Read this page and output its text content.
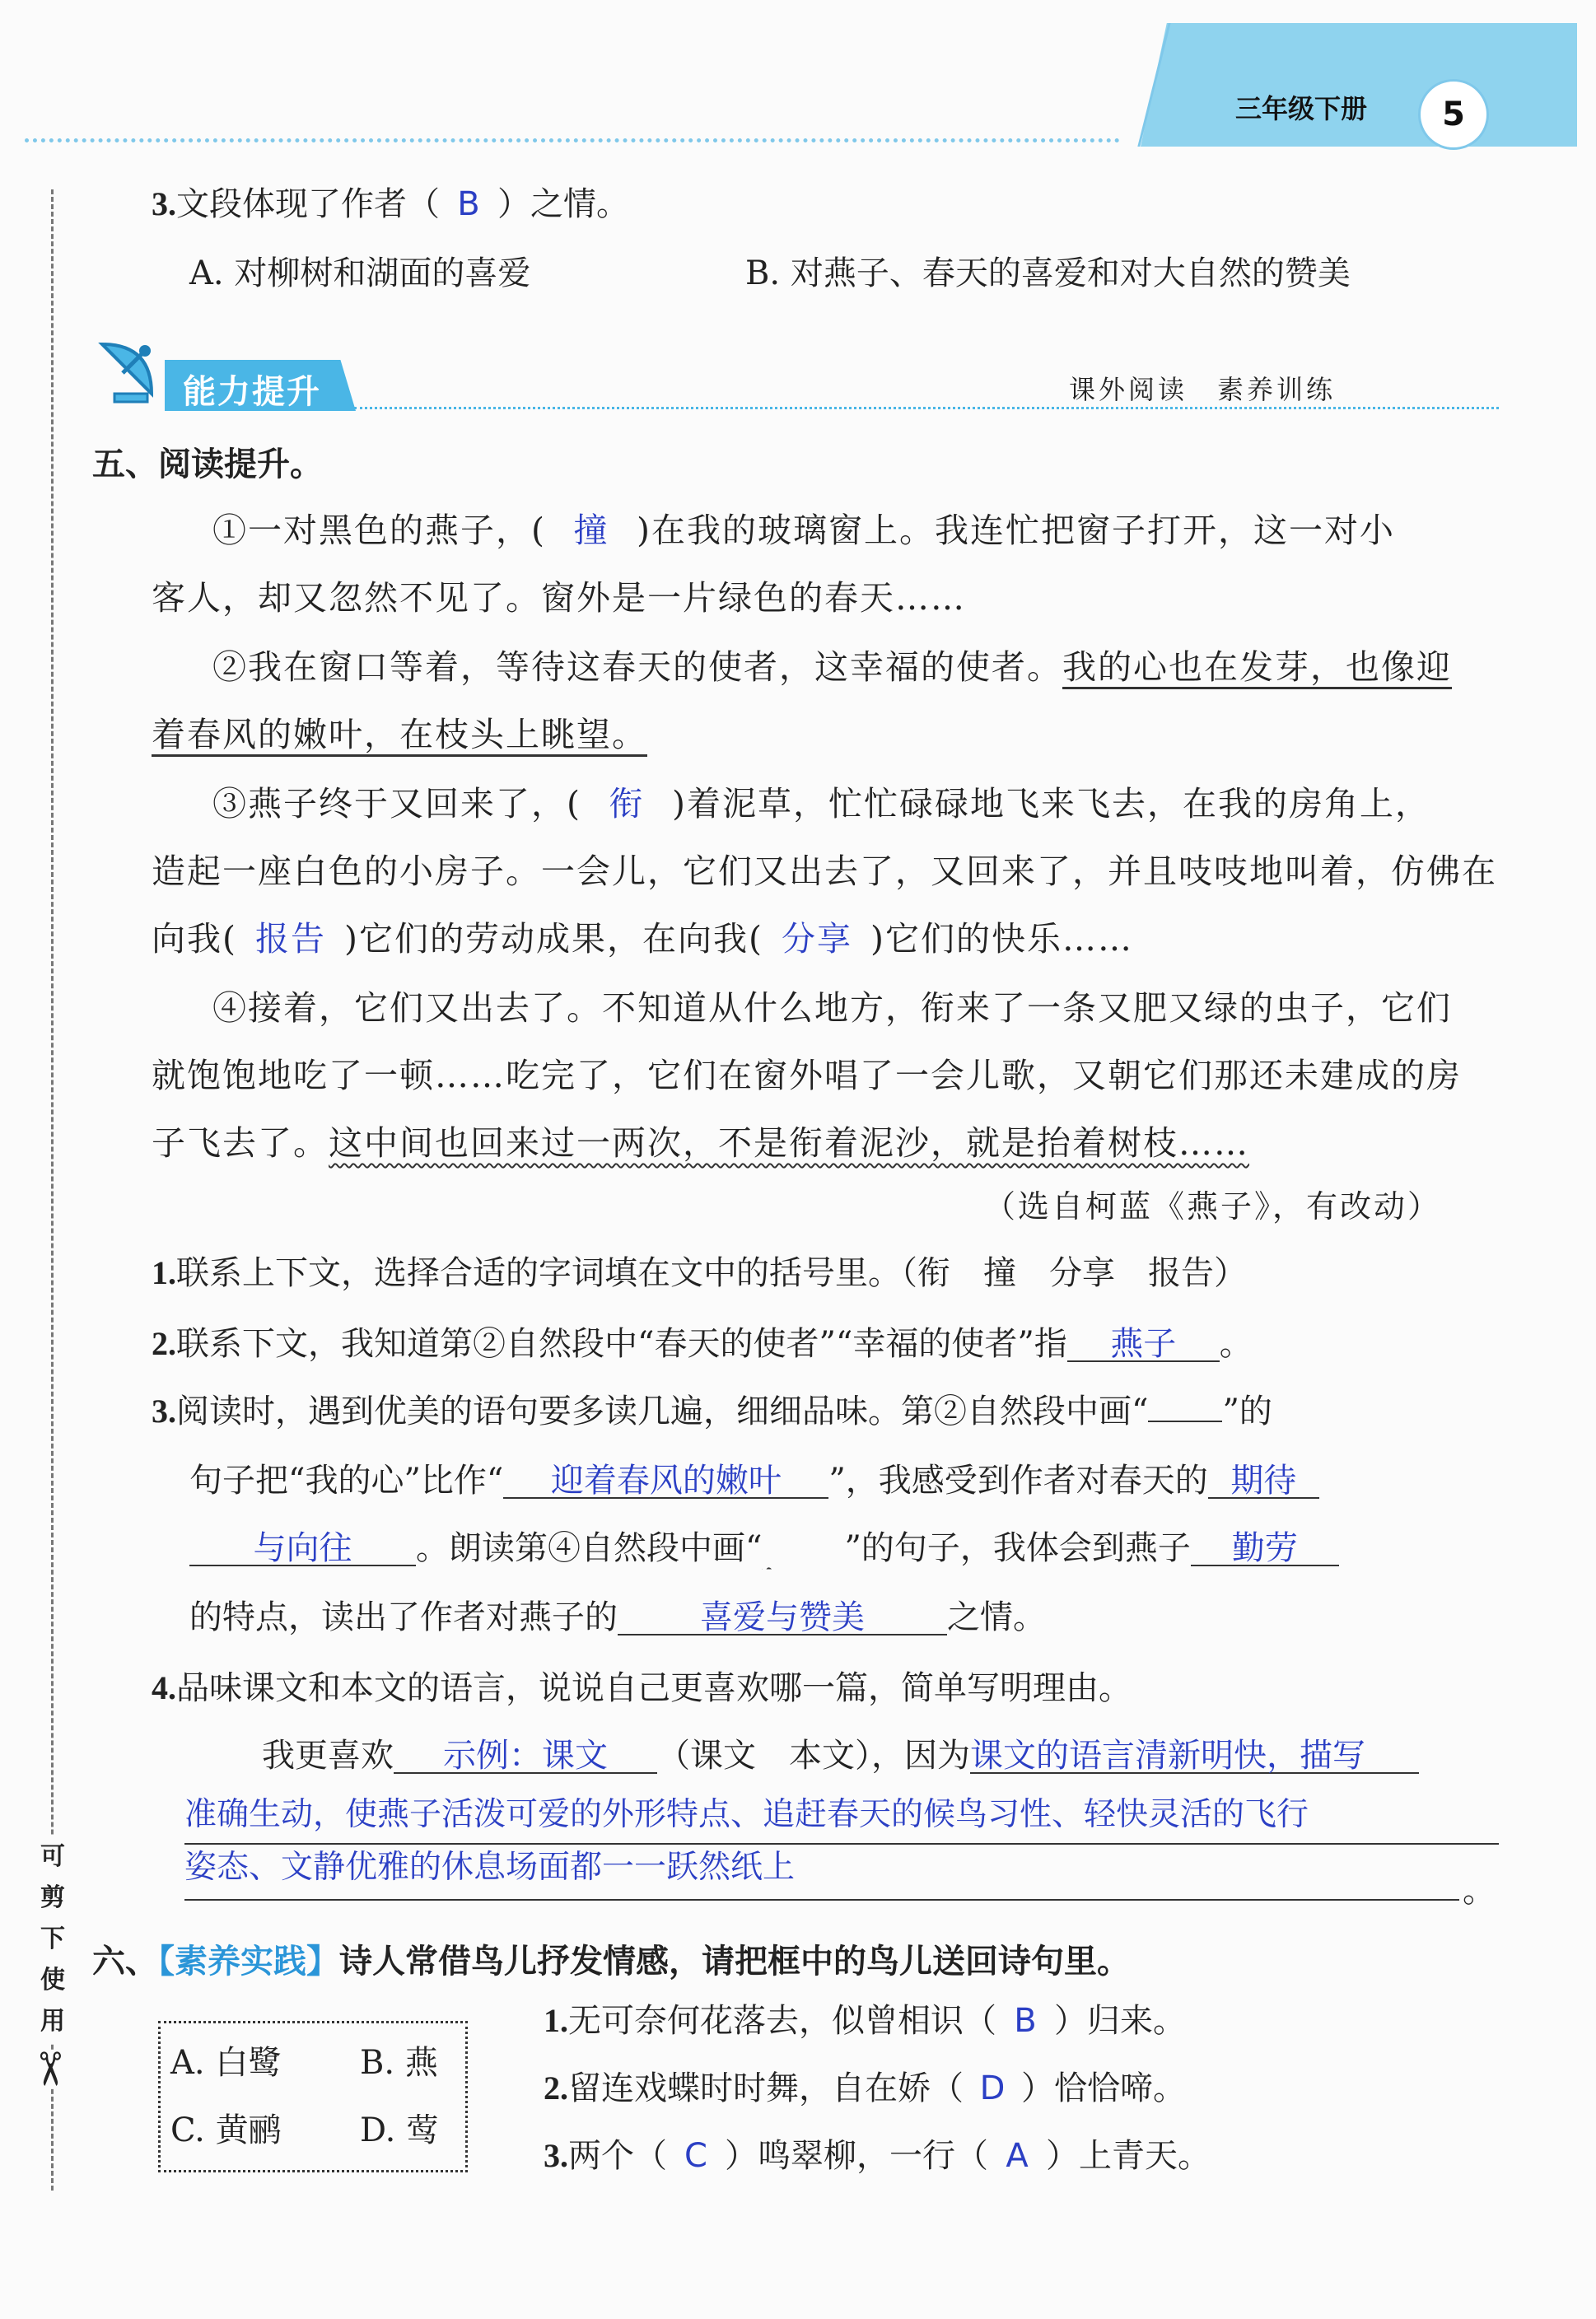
三年级下册	5
可
剪
下
使
用
✂
3.文段体现了作者（ B ）之情。
A. 对柳树和湖面的喜爱	B. 对燕子、春天的喜爱和对大自然的赞美
能力提升	课外阅读　素养训练
五、阅读提升。
①一对黑色的燕子，( 撞 )在我的玻璃窗上。我连忙把窗子打开，这一对小
客人，却又忽然不见了。窗外是一片绿色的春天……
②我在窗口等着，等待这春天的使者，这幸福的使者。我的心也在发芽，也像迎
着春风的嫩叶，在枝头上眺望。
③燕子终于又回来了，( 衔 )着泥草，忙忙碌碌地飞来飞去，在我的房角上，
造起一座白色的小房子。一会儿，它们又出去了，又回来了，并且吱吱地叫着，仿佛在
向我( 报告 )它们的劳动成果，在向我( 分享 )它们的快乐……
④接着，它们又出去了。不知道从什么地方，衔来了一条又肥又绿的虫子，它们
就饱饱地吃了一顿……吃完了，它们在窗外唱了一会儿歌，又朝它们那还未建成的房
子飞去了。这中间也回来过一两次，不是衔着泥沙，就是抬着树枝……
（选自柯蓝《燕子》，有改动）
1.联系上下文，选择合适的字词填在文中的括号里。（衔　撞　分享　报告）
2.联系下文，我知道第②自然段中“春天的使者”“幸福的使者”指 燕子 。
3.阅读时，遇到优美的语句要多读几遍，细细品味。第②自然段中画“ ”的
句子把“我的心”比作“ 迎着春风的嫩叶 ”，我感受到作者对春天的 期待
与向往 。朗读第④自然段中画“	”的句子，我体会到燕子 勤劳
的特点，读出了作者对燕子的	喜爱与赞美	之情。
4.品味课文和本文的语言，说说自己更喜欢哪一篇，简单写明理由。
我更喜欢 示例：课文 （课文　本文），因为课文的语言清新明快，描写
准确生动，使燕子活泼可爱的外形特点、追赶春天的候鸟习性、轻快灵活的飞行
姿态、文静优雅的休息场面都一一跃然纸上
。
六、【素养实践】诗人常借鸟儿抒发情感，请把框中的鸟儿送回诗句里。
A. 白鹭 B. 燕
C. 黄鹂 D. 莺
1.无可奈何花落去，似曾相识（ B ）归来。
2.留连戏蝶时时舞，自在娇（ D ）恰恰啼。
3.两个（ C ）鸣翠柳，一行（ A ）上青天。
